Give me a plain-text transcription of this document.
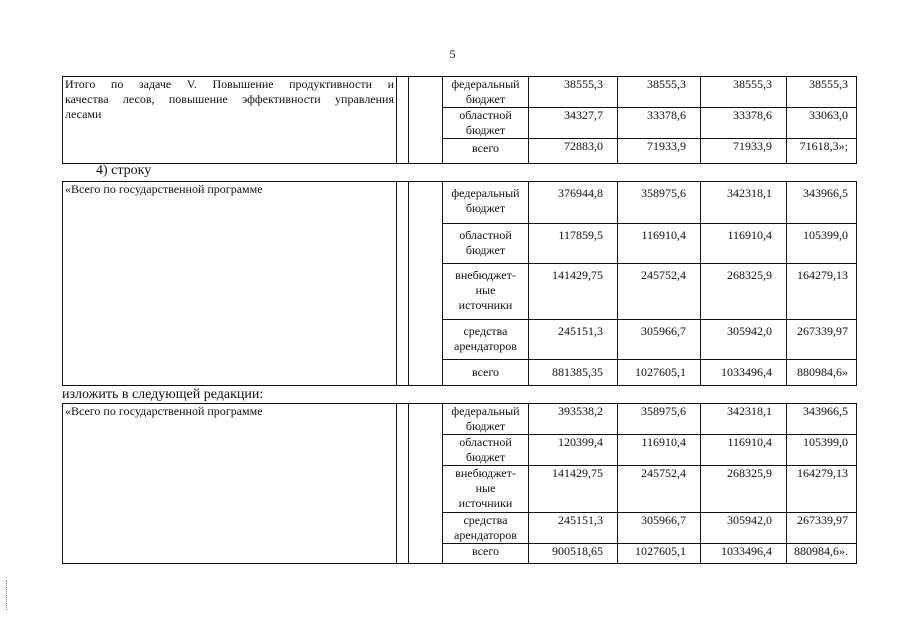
5
Итого по задаче V. Повышение продуктивности и
качества лесов, повышение эффективности управления
лесами			федеральный
бюджет	38555,3	38555,3	38555,3	38555,3

			областной
бюджет	34327,7	33378,6	33378,6	33063,0

			всего	72883,0	71933,9	71933,9	71618,3»;
4) строку
«Всего по государственной программе			федеральный
бюджет	376944,8	358975,6	342318,1	343966,5

			областной
бюджет	117859,5	116910,4	116910,4	105399,0

			внебюджет-
ные
источники	141429,75	245752,4	268325,9	164279,13

			средства
арендаторов	245151,3	305966,7	305942,0	267339,97

			всего	881385,35	1027605,1	1033496,4	880984,6»
изложить в следующей редакции:
«Всего по государственной программе			федеральный
бюджет	393538,2	358975,6	342318,1	343966,5

			областной
бюджет	120399,4	116910,4	116910,4	105399,0

			внебюджет-
ные
источники	141429,75	245752,4	268325,9	164279,13

			средства
арендаторов	245151,3	305966,7	305942,0	267339,97

			всего	900518,65	1027605,1	1033496,4	880984,6».
